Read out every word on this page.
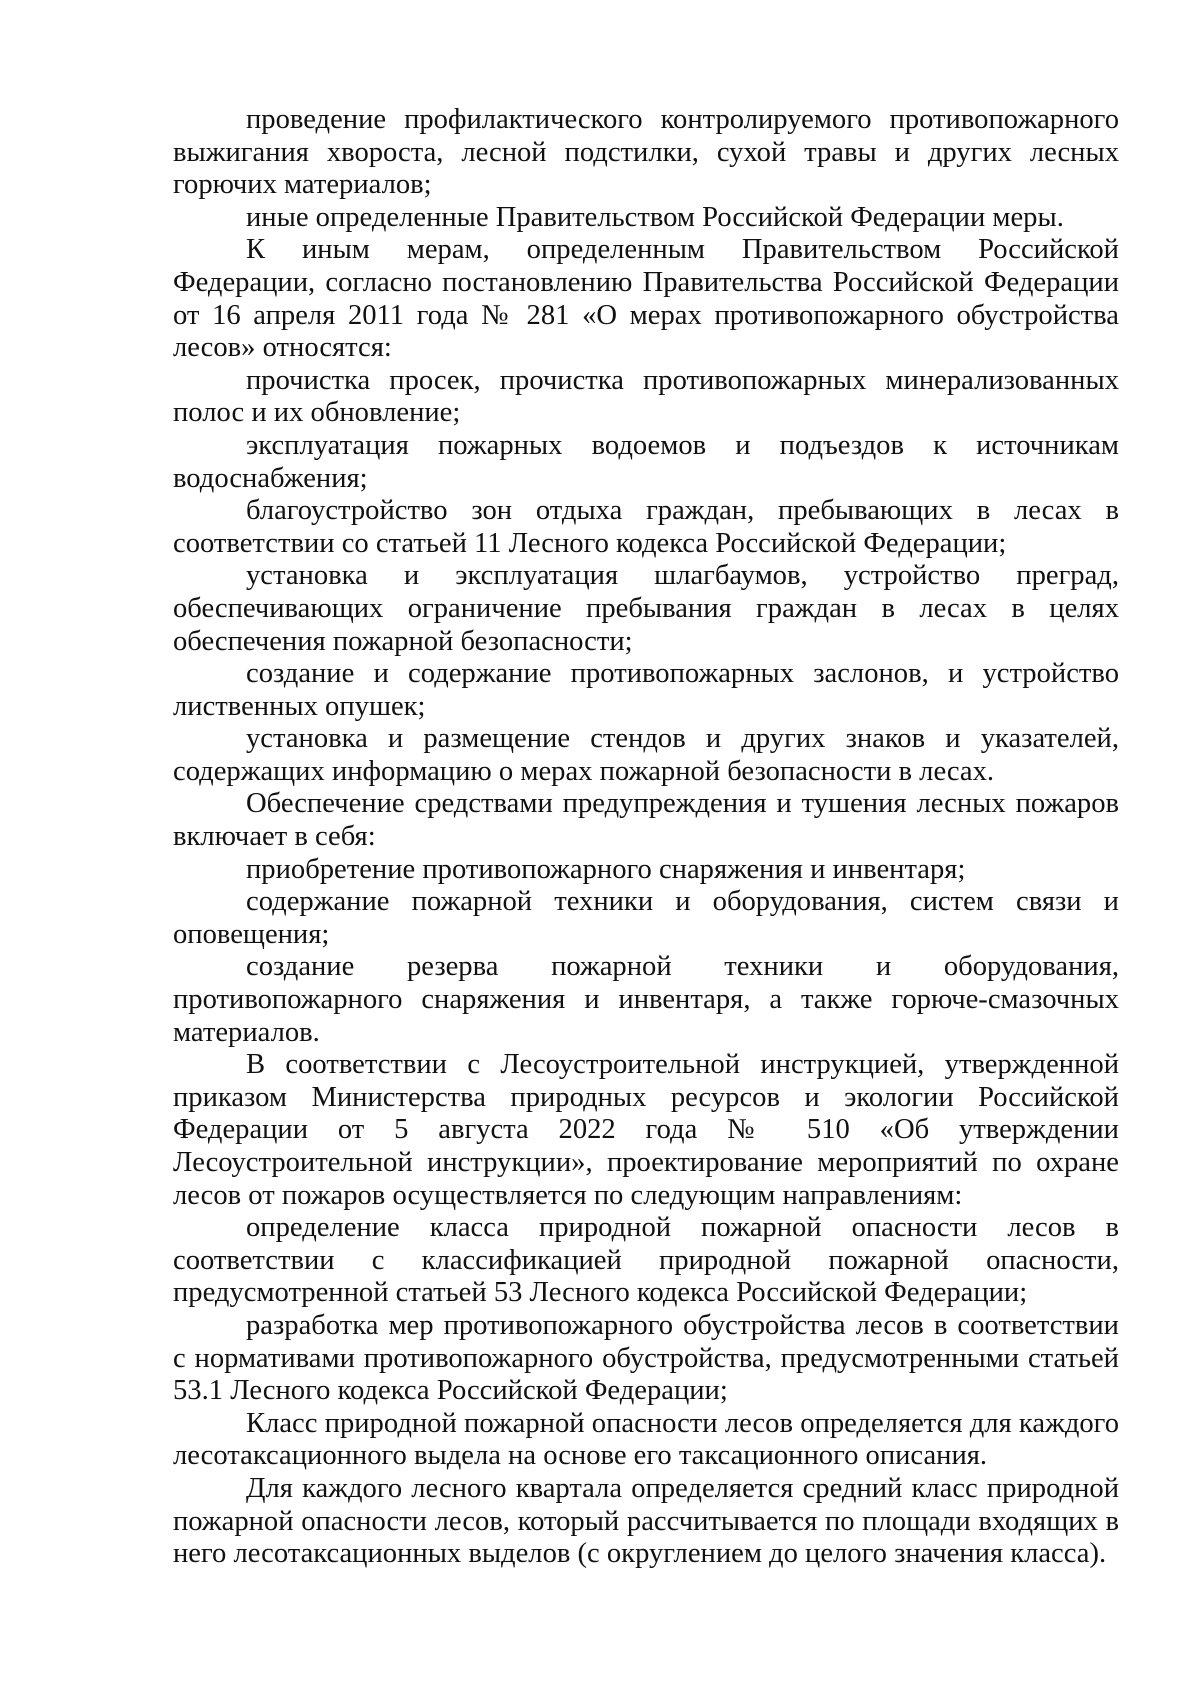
проведение профилактического контролируемого противопожарного выжигания хвороста, лесной подстилки, сухой травы и других лесных горючих материалов;

иные определенные Правительством Российской Федерации меры.

К иным мерам, определенным Правительством Российской Федерации, согласно постановлению Правительства Российской Федерации от 16 апреля 2011 года № 281 «О мерах противопожарного обустройства лесов» относятся:

прочистка просек, прочистка противопожарных минерализованных полос и их обновление;

эксплуатация пожарных водоемов и подъездов к источникам водоснабжения;

благоустройство зон отдыха граждан, пребывающих в лесах в соответствии со статьей 11 Лесного кодекса Российской Федерации;

установка и эксплуатация шлагбаумов, устройство преград, обеспечивающих ограничение пребывания граждан в лесах в целях обеспечения пожарной безопасности;

создание и содержание противопожарных заслонов, и устройство лиственных опушек;

установка и размещение стендов и других знаков и указателей, содержащих информацию о мерах пожарной безопасности в лесах.

Обеспечение средствами предупреждения и тушения лесных пожаров включает в себя:

приобретение противопожарного снаряжения и инвентаря;

содержание пожарной техники и оборудования, систем связи и оповещения;

создание резерва пожарной техники и оборудования, противопожарного снаряжения и инвентаря, а также горюче-смазочных материалов.

В соответствии с Лесоустроительной инструкцией, утвержденной приказом Министерства природных ресурсов и экологии Российской Федерации от 5 августа 2022 года № 510 «Об утверждении Лесоустроительной инструкции», проектирование мероприятий по охране лесов от пожаров осуществляется по следующим направлениям:

определение класса природной пожарной опасности лесов в соответствии с классификацией природной пожарной опасности, предусмотренной статьей 53 Лесного кодекса Российской Федерации;

разработка мер противопожарного обустройства лесов в соответствии с нормативами противопожарного обустройства, предусмотренными статьей 53.1 Лесного кодекса Российской Федерации;

Класс природной пожарной опасности лесов определяется для каждого лесотаксационного выдела на основе его таксационного описания.

Для каждого лесного квартала определяется средний класс природной пожарной опасности лесов, который рассчитывается по площади входящих в него лесотаксационных выделов (с округлением до целого значения класса).
